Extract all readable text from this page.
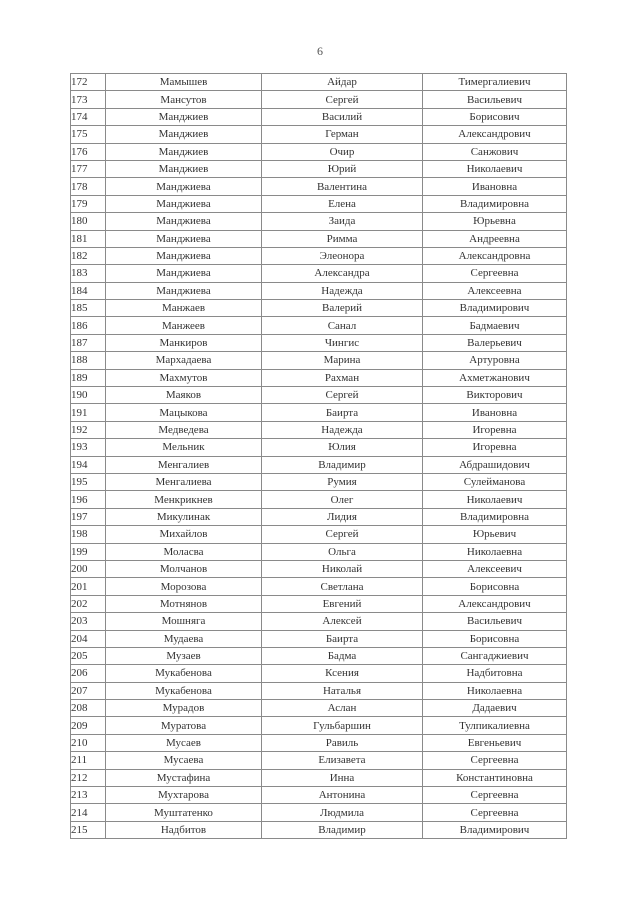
6
172	Мамышев	Айдар	Тимергалиевич
173	Мансутов	Сергей	Васильевич
174	Манджиев	Василий	Борисович
175	Манджиев	Герман	Александрович
176	Манджиев	Очир	Санжович
177	Манджиев	Юрий	Николаевич
178	Манджиева	Валентина	Ивановна
179	Манджиева	Елена	Владимировна
180	Манджиева	Заида	Юрьевна
181	Манджиева	Римма	Андреевна
182	Манджиева	Элеонора	Александровна
183	Манджиева	Александра	Сергеевна
184	Манджиева	Надежда	Алексеевна
185	Манжаев	Валерий	Владимирович
186	Манжеев	Санал	Бадмаевич
187	Манкиров	Чингис	Валерьевич
188	Мархадаева	Марина	Артуровна
189	Махмутов	Рахман	Ахметжанович
190	Маяков	Сергей	Викторович
191	Мацыкова	Баирта	Ивановна
192	Медведева	Надежда	Игоревна
193	Мельник	Юлия	Игоревна
194	Менгалиев	Владимир	Абдрашидович
195	Менгалиева	Румия	Сулейманова
196	Менкрикнев	Олег	Николаевич
197	Микулинак	Лидия	Владимировна
198	Михайлов	Сергей	Юрьевич
199	Моласва	Ольга	Николаевна
200	Молчанов	Николай	Алексеевич
201	Морозова	Светлана	Борисовна
202	Мотнянов	Евгений	Александрович
203	Мошняга	Алексей	Васильевич
204	Мудаева	Баирта	Борисовна
205	Музаев	Бадма	Сангаджиевич
206	Мукабенова	Ксения	Надбитовна
207	Мукабенова	Наталья	Николаевна
208	Мурадов	Аслан	Дадаевич
209	Муратова	Гульбаршин	Тулпикалиевна
210	Мусаев	Равиль	Евгеньевич
211	Мусаева	Елизавета	Сергеевна
212	Мустафина	Инна	Константиновна
213	Мухтарова	Антонина	Сергеевна
214	Муштатенко	Людмила	Сергеевна
215	Надбитов	Владимир	Владимирович
